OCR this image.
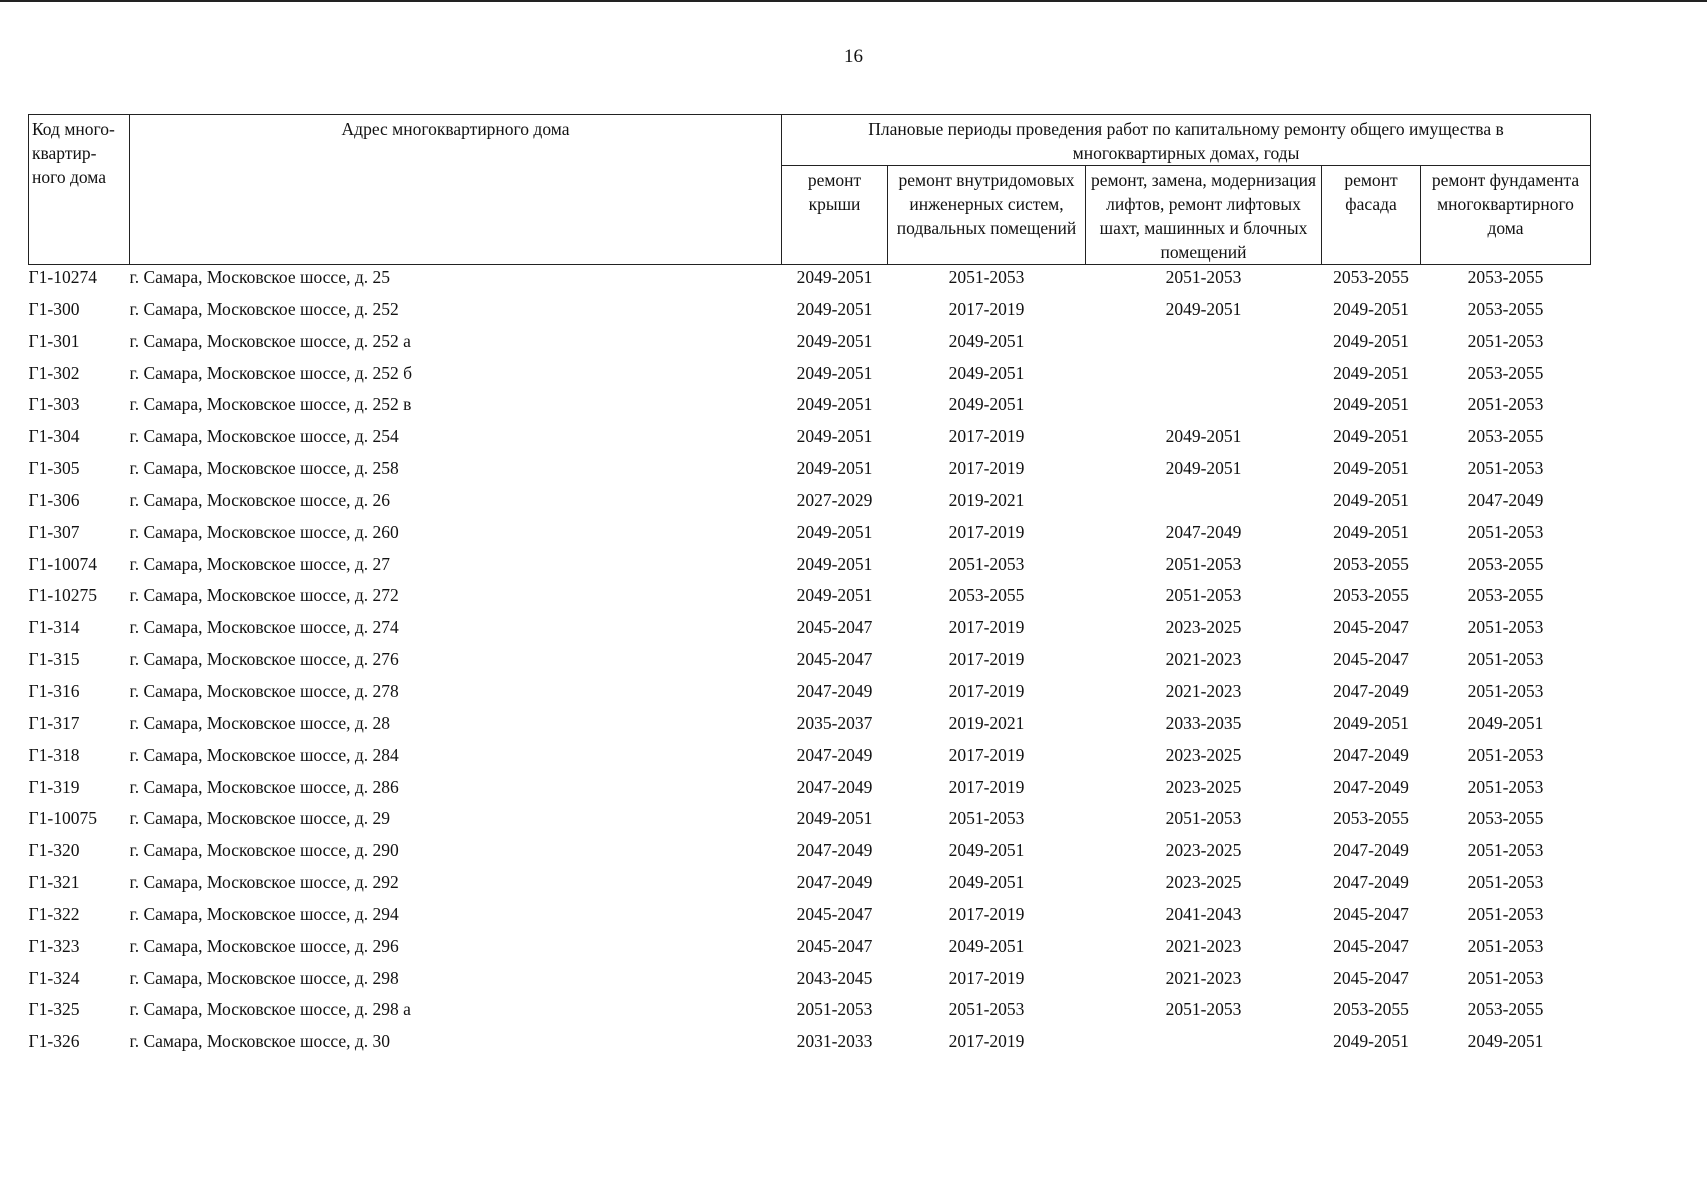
16
Код много-квартир-ного дома	Адрес многоквартирного дома	Плановые периоды проведения работ по капитальному ремонту общего имущества в многоквартирных домах, годы				
		ремонт крыши	ремонт внутридомовых инженерных систем, подвальных помещений	ремонт, замена, модернизация лифтов, ремонт лифтовых шахт, машинных и блочных помещений	ремонт фасада	ремонт фундамента многоквартирного дома
Г1-10274	г. Самара, Московское шоссе, д. 25	2049-2051	2051-2053	2051-2053	2053-2055	2053-2055
Г1-300	г. Самара, Московское шоссе, д. 252	2049-2051	2017-2019	2049-2051	2049-2051	2053-2055
Г1-301	г. Самара, Московское шоссе, д. 252 а	2049-2051	2049-2051		2049-2051	2051-2053
Г1-302	г. Самара, Московское шоссе, д. 252 б	2049-2051	2049-2051		2049-2051	2053-2055
Г1-303	г. Самара, Московское шоссе, д. 252 в	2049-2051	2049-2051		2049-2051	2051-2053
Г1-304	г. Самара, Московское шоссе, д. 254	2049-2051	2017-2019	2049-2051	2049-2051	2053-2055
Г1-305	г. Самара, Московское шоссе, д. 258	2049-2051	2017-2019	2049-2051	2049-2051	2051-2053
Г1-306	г. Самара, Московское шоссе, д. 26	2027-2029	2019-2021		2049-2051	2047-2049
Г1-307	г. Самара, Московское шоссе, д. 260	2049-2051	2017-2019	2047-2049	2049-2051	2051-2053
Г1-10074	г. Самара, Московское шоссе, д. 27	2049-2051	2051-2053	2051-2053	2053-2055	2053-2055
Г1-10275	г. Самара, Московское шоссе, д. 272	2049-2051	2053-2055	2051-2053	2053-2055	2053-2055
Г1-314	г. Самара, Московское шоссе, д. 274	2045-2047	2017-2019	2023-2025	2045-2047	2051-2053
Г1-315	г. Самара, Московское шоссе, д. 276	2045-2047	2017-2019	2021-2023	2045-2047	2051-2053
Г1-316	г. Самара, Московское шоссе, д. 278	2047-2049	2017-2019	2021-2023	2047-2049	2051-2053
Г1-317	г. Самара, Московское шоссе, д. 28	2035-2037	2019-2021	2033-2035	2049-2051	2049-2051
Г1-318	г. Самара, Московское шоссе, д. 284	2047-2049	2017-2019	2023-2025	2047-2049	2051-2053
Г1-319	г. Самара, Московское шоссе, д. 286	2047-2049	2017-2019	2023-2025	2047-2049	2051-2053
Г1-10075	г. Самара, Московское шоссе, д. 29	2049-2051	2051-2053	2051-2053	2053-2055	2053-2055
Г1-320	г. Самара, Московское шоссе, д. 290	2047-2049	2049-2051	2023-2025	2047-2049	2051-2053
Г1-321	г. Самара, Московское шоссе, д. 292	2047-2049	2049-2051	2023-2025	2047-2049	2051-2053
Г1-322	г. Самара, Московское шоссе, д. 294	2045-2047	2017-2019	2041-2043	2045-2047	2051-2053
Г1-323	г. Самара, Московское шоссе, д. 296	2045-2047	2049-2051	2021-2023	2045-2047	2051-2053
Г1-324	г. Самара, Московское шоссе, д. 298	2043-2045	2017-2019	2021-2023	2045-2047	2051-2053
Г1-325	г. Самара, Московское шоссе, д. 298 а	2051-2053	2051-2053	2051-2053	2053-2055	2053-2055
Г1-326	г. Самара, Московское шоссе, д. 30	2031-2033	2017-2019		2049-2051	2049-2051
